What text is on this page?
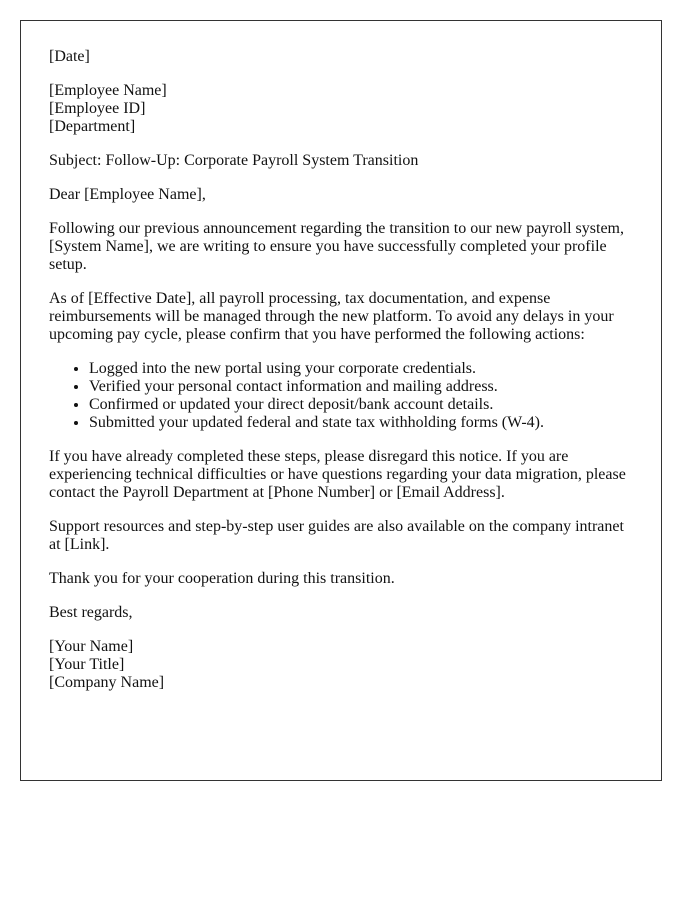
[Date]

[Employee Name]
[Employee ID]
[Department]

Subject: Follow-Up: Corporate Payroll System Transition

Dear [Employee Name],

Following our previous announcement regarding the transition to our new payroll system, [System Name], we are writing to ensure you have successfully completed your profile setup.

As of [Effective Date], all payroll processing, tax documentation, and expense reimbursements will be managed through the new platform. To avoid any delays in your upcoming pay cycle, please confirm that you have performed the following actions:

• Logged into the new portal using your corporate credentials.
• Verified your personal contact information and mailing address.
• Confirmed or updated your direct deposit/bank account details.
• Submitted your updated federal and state tax withholding forms (W-4).

If you have already completed these steps, please disregard this notice. If you are experiencing technical difficulties or have questions regarding your data migration, please contact the Payroll Department at [Phone Number] or [Email Address].

Support resources and step-by-step user guides are also available on the company intranet at [Link].

Thank you for your cooperation during this transition.

Best regards,

[Your Name]
[Your Title]
[Company Name]
